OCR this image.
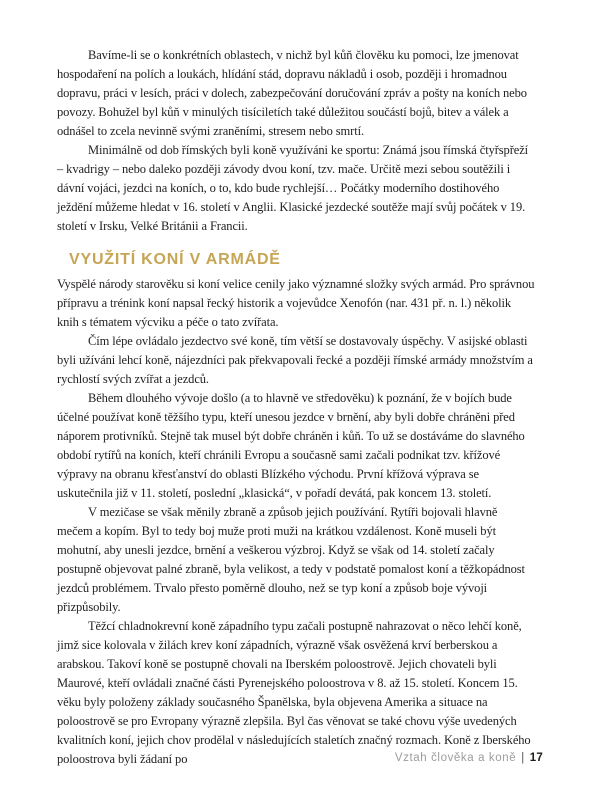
Bavíme-li se o konkrétních oblastech, v nichž byl kůň člověku ku pomoci, lze jmenovat hospodaření na polích a loukách, hlídání stád, dopravu nákladů i osob, později i hromadnou dopravu, práci v lesích, práci v dolech, zabezpečování doručování zpráv a pošty na koních nebo povozy. Bohužel byl kůň v minulých tisíciletích také důležitou součástí bojů, bitev a válek a odnášel to zcela nevinně svými zraněními, stresem nebo smrtí.

Minimálně od dob římských byli koně využíváni ke sportu: Známá jsou římská čtyřspřeží – kvadrigy – nebo daleko později závody dvou koní, tzv. mače. Určitě mezi sebou soutěžili i dávní vojáci, jezdci na koních, o to, kdo bude rychlejší… Počátky moderního dostihového ježdění můžeme hledat v 16. století v Anglii. Klasické jezdecké soutěže mají svůj počátek v 19. století v Irsku, Velké Británii a Francii.

VYUŽITÍ KONÍ V ARMÁDĚ

Vyspělé národy starověku si koní velice cenily jako významné složky svých armád. Pro správnou přípravu a trénink koní napsal řecký historik a vojevůdce Xenofón (nar. 431 př. n. l.) několik knih s tématem výcviku a péče o tato zvířata.

Čím lépe ovládalo jezdectvo své koně, tím větší se dostavovaly úspěchy. V asijské oblasti byli užíváni lehcí koně, nájezdníci pak překvapovali řecké a později římské armády množstvím a rychlostí svých zvířat a jezdců.

Během dlouhého vývoje došlo (a to hlavně ve středověku) k poznání, že v bojích bude účelné používat koně těžšího typu, kteří unesou jezdce v brnění, aby byli dobře chráněni před náporem protivníků. Stejně tak musel být dobře chráněn i kůň. To už se dostáváme do slavného období rytířů na koních, kteří chránili Evropu a současně sami začali podnikat tzv. křížové výpravy na obranu křesťanství do oblasti Blízkého východu. První křížová výprava se uskutečnila již v 11. století, poslední „klasická“, v pořadí devátá, pak koncem 13. století.

V mezičase se však měnily zbraně a způsob jejich používání. Rytíři bojovali hlavně mečem a kopím. Byl to tedy boj muže proti muži na krátkou vzdálenost. Koně museli být mohutní, aby unesli jezdce, brnění a veškerou výzbroj. Když se však od 14. století začaly postupně objevovat palné zbraně, byla velikost, a tedy v podstatě pomalost koní a těžkopádnost jezdců problémem. Trvalo přesto poměrně dlouho, než se typ koní a způsob boje vývoji přizpůsobily.

Těžcí chladnokrevní koně západního typu začali postupně nahrazovat o něco lehčí koně, jimž sice kolovala v žilách krev koní západních, výrazně však osvěžená krví berberskou a arabskou. Takoví koně se postupně chovali na Iberském poloostrově. Jejich chovateli byli Maurové, kteří ovládali značné části Pyrenejského poloostrova v 8. až 15. století. Koncem 15. věku byly položeny základy současného Španělska, byla objevena Amerika a situace na poloostrově se pro Evropany výrazně zlepšila. Byl čas věnovat se také chovu výše uvedených kvalitních koní, jejich chov prodělal v následujících staletích značný rozmach. Koně z Iberského poloostrova byli žádaní po	Vztah člověka a koně | 17
